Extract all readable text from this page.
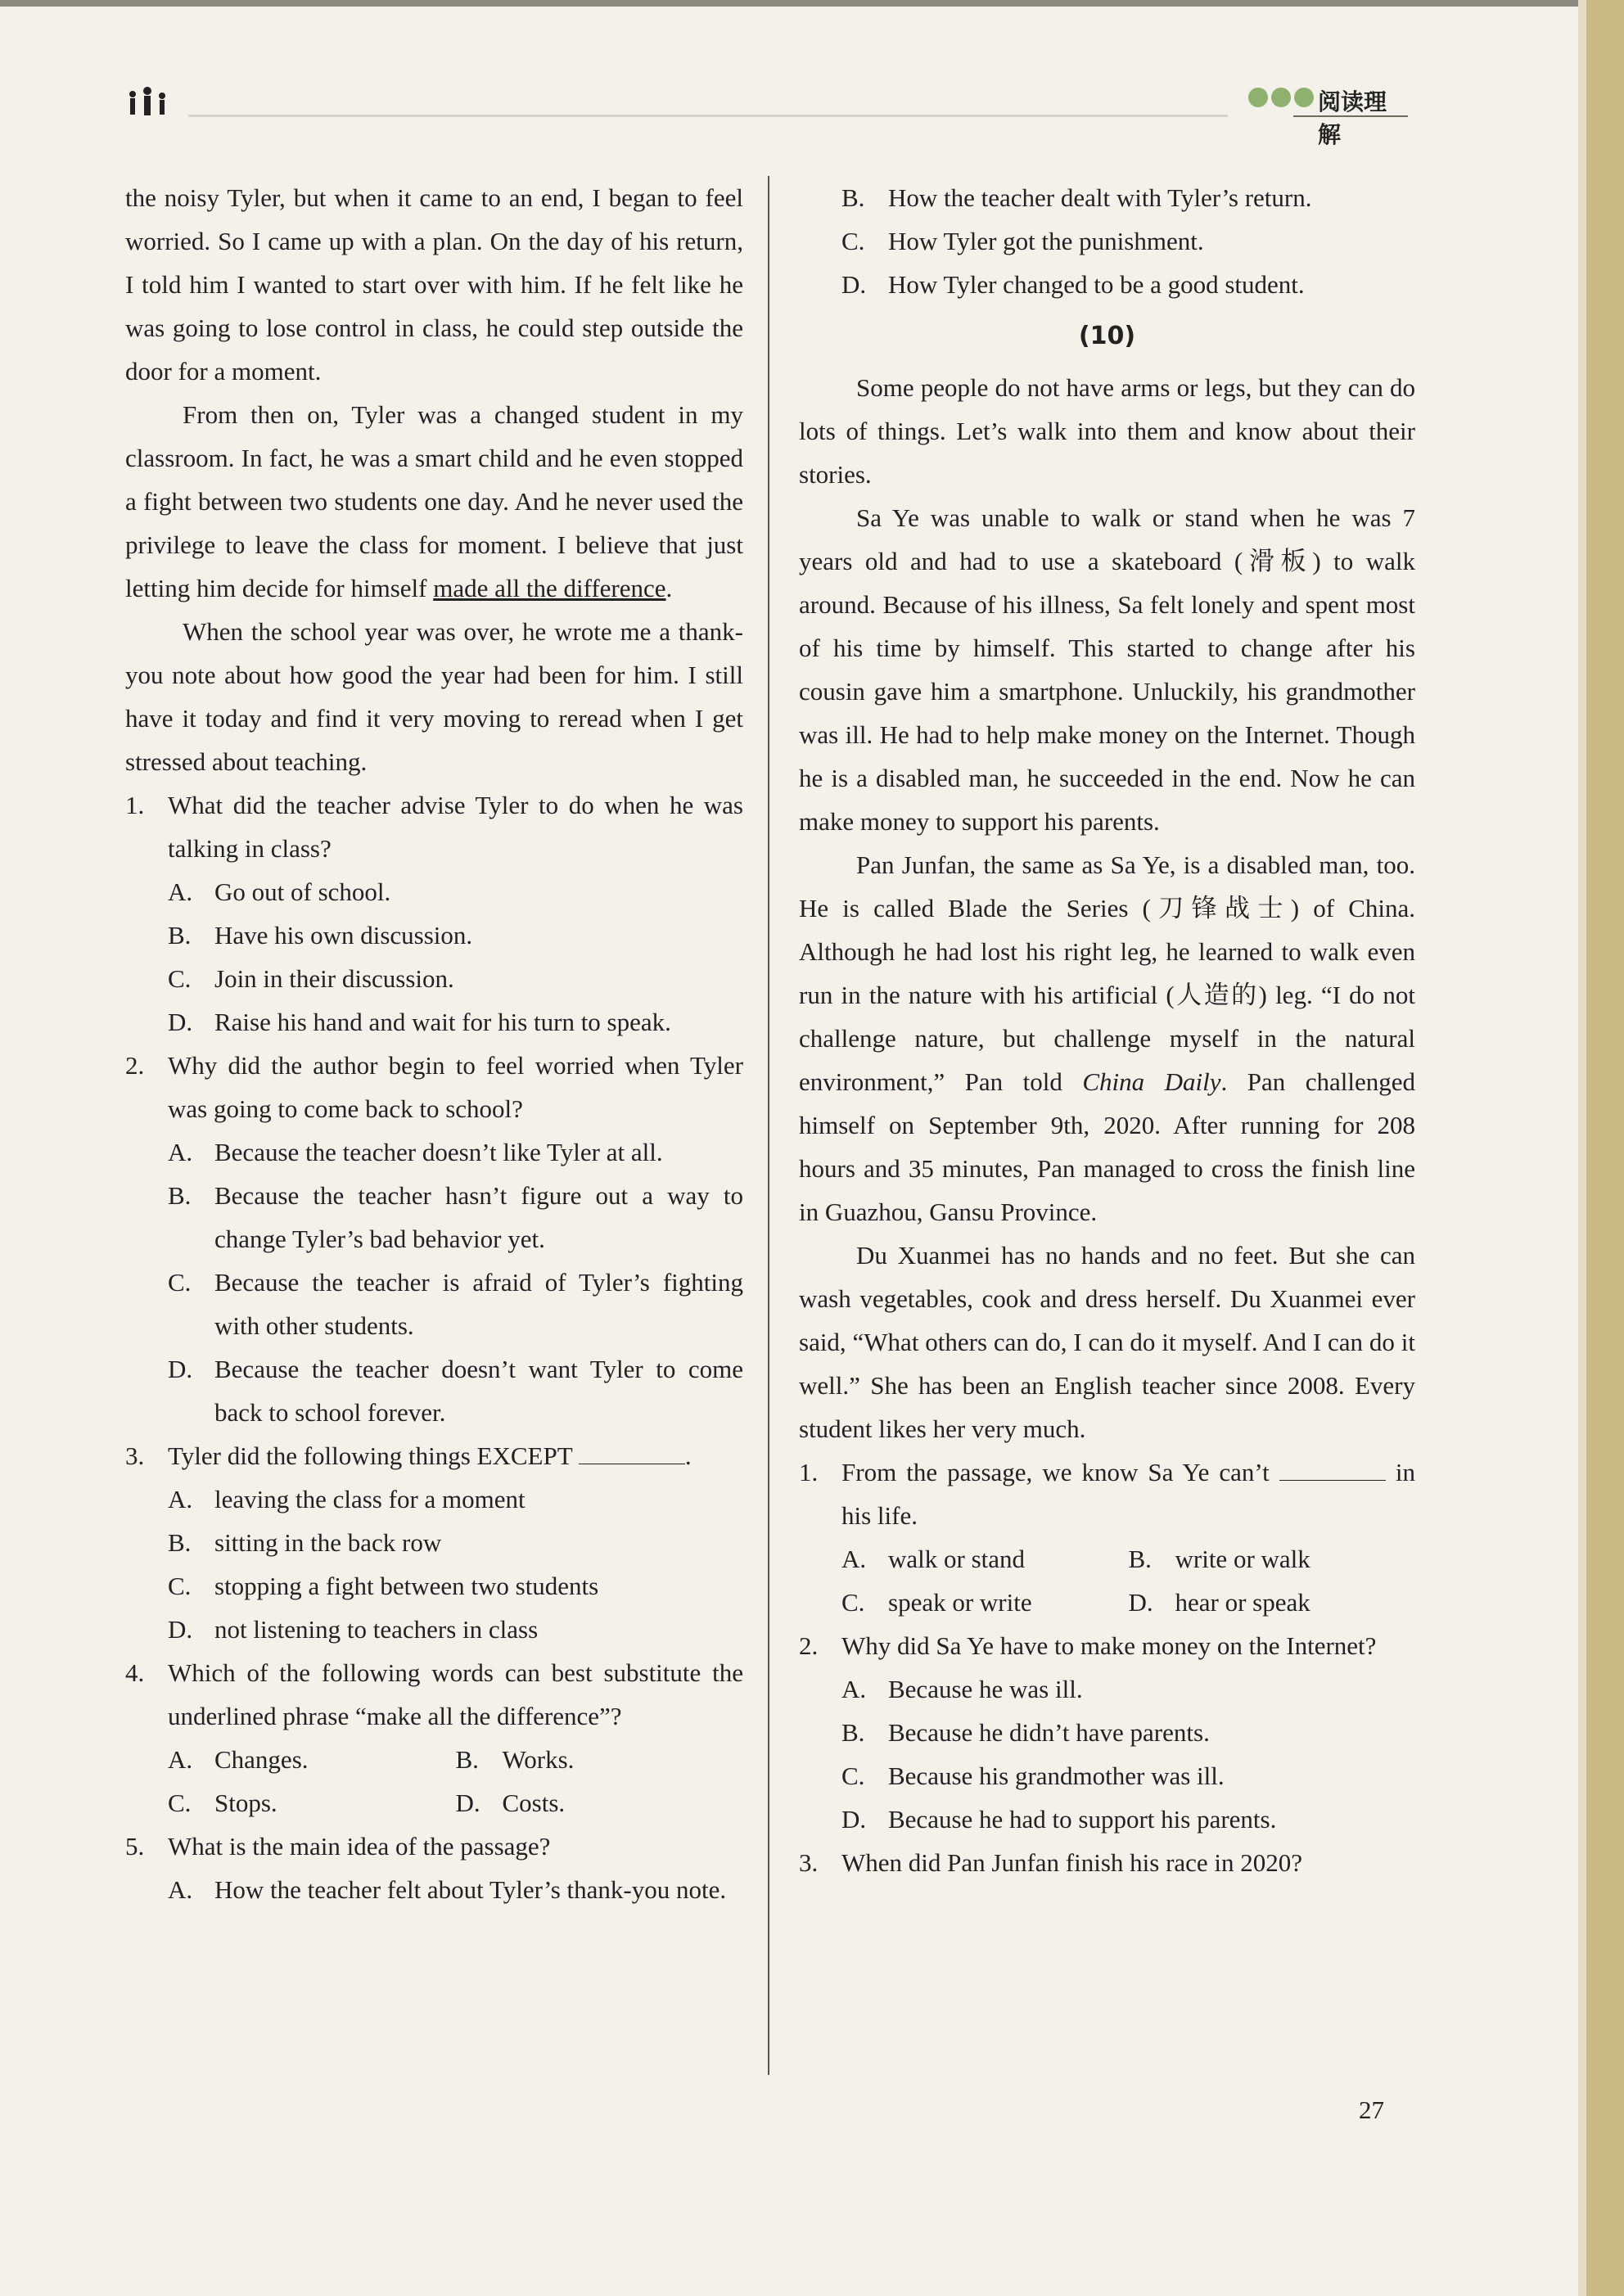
阅读理解

the noisy Tyler, but when it came to an end, I began to feel worried. So I came up with a plan. On the day of his return, I told him I wanted to start over with him. If he felt like he was going to lose control in class, he could step outside the door for a moment.

From then on, Tyler was a changed student in my classroom. In fact, he was a smart child and he even stopped a fight between two students one day. And he never used the privilege to leave the class for moment. I believe that just letting him decide for himself made all the difference.

When the school year was over, he wrote me a thank-you note about how good the year had been for him. I still have it today and find it very moving to reread when I get stressed about teaching.

1. What did the teacher advise Tyler to do when he was talking in class?
A. Go out of school.
B. Have his own discussion.
C. Join in their discussion.
D. Raise his hand and wait for his turn to speak.
2. Why did the author begin to feel worried when Tyler was going to come back to school?
A. Because the teacher doesn’t like Tyler at all.
B. Because the teacher hasn’t figure out a way to change Tyler’s bad behavior yet.
C. Because the teacher is afraid of Tyler’s fighting with other students.
D. Because the teacher doesn’t want Tyler to come back to school forever.
3. Tyler did the following things EXCEPT	.
A. leaving the class for a moment
B. sitting in the back row
C. stopping a fight between two students
D. not listening to teachers in class
4. Which of the following words can best substitute the underlined phrase “make all the difference”?
A. Changes.	B. Works.
C. Stops.	D. Costs.
5. What is the main idea of the passage?
A. How the teacher felt about Tyler’s thank-you note.
B. How the teacher dealt with Tyler’s return.
C. How Tyler got the punishment.
D. How Tyler changed to be a good student.
(10)

Some people do not have arms or legs, but they can do lots of things. Let’s walk into them and know about their stories.

Sa Ye was unable to walk or stand when he was 7 years old and had to use a skateboard (滑板) to walk around. Because of his illness, Sa felt lonely and spent most of his time by himself. This started to change after his cousin gave him a smartphone. Unluckily, his grandmother was ill. He had to help make money on the Internet. Though he is a disabled man, he succeeded in the end. Now he can make money to support his parents.

Pan Junfan, the same as Sa Ye, is a disabled man, too. He is called Blade the Series (刀锋战士) of China. Although he had lost his right leg, he learned to walk even run in the nature with his artificial (人造的) leg. “I do not challenge nature, but challenge myself in the natural environment,” Pan told China Daily. Pan challenged himself on September 9th, 2020. After running for 208 hours and 35 minutes, Pan managed to cross the finish line in Guazhou, Gansu Province.

Du Xuanmei has no hands and no feet. But she can wash vegetables, cook and dress herself. Du Xuanmei ever said, “What others can do, I can do it myself. And I can do it well.” She has been an English teacher since 2008. Every student likes her very much.

1. From the passage, we know Sa Ye can’t	in his life.
A. walk or stand	B. write or walk
C. speak or write	D. hear or speak
2. Why did Sa Ye have to make money on the Internet?
A. Because he was ill.
B. Because he didn’t have parents.
C. Because his grandmother was ill.
D. Because he had to support his parents.
3. When did Pan Junfan finish his race in 2020?
27
